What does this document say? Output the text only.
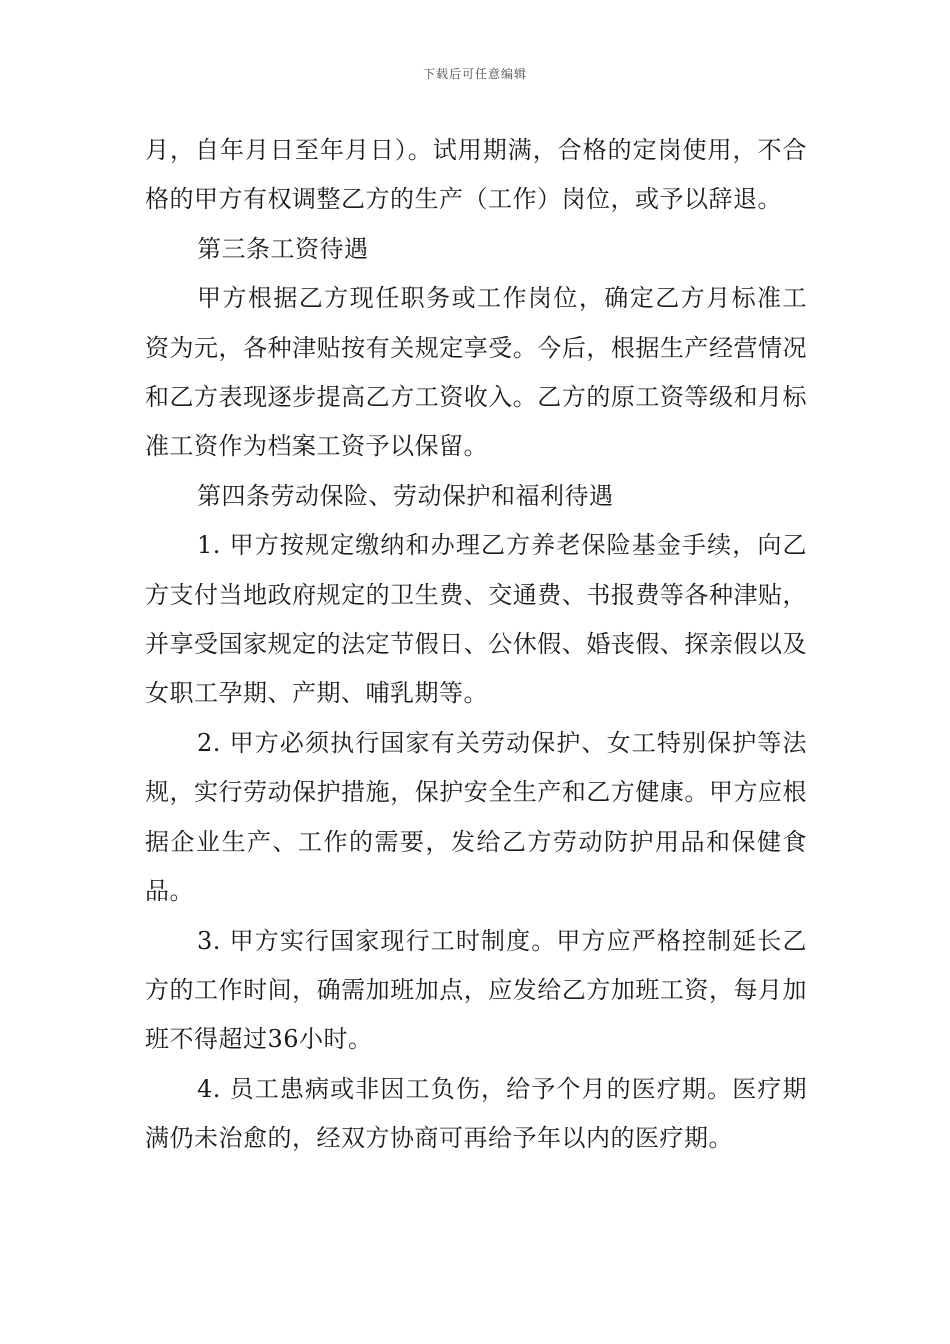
下载后可任意编辑

月，自年月日至年月日）。试用期满，合格的定岗使用，不合格的甲方有权调整乙方的生产（工作）岗位，或予以辞退。

第三条工资待遇

甲方根据乙方现任职务或工作岗位，确定乙方月标准工资为元，各种津贴按有关规定享受。今后，根据生产经营情况和乙方表现逐步提高乙方工资收入。乙方的原工资等级和月标准工资作为档案工资予以保留。

第四条劳动保险、劳动保护和福利待遇

1. 甲方按规定缴纳和办理乙方养老保险基金手续，向乙方支付当地政府规定的卫生费、交通费、书报费等各种津贴，并享受国家规定的法定节假日、公休假、婚丧假、探亲假以及女职工孕期、产期、哺乳期等。

2. 甲方必须执行国家有关劳动保护、女工特别保护等法规，实行劳动保护措施，保护安全生产和乙方健康。甲方应根据企业生产、工作的需要，发给乙方劳动防护用品和保健食品。

3. 甲方实行国家现行工时制度。甲方应严格控制延长乙方的工作时间，确需加班加点，应发给乙方加班工资，每月加班不得超过36小时。

4. 员工患病或非因工负伤，给予个月的医疗期。医疗期满仍未治愈的，经双方协商可再给予年以内的医疗期。
